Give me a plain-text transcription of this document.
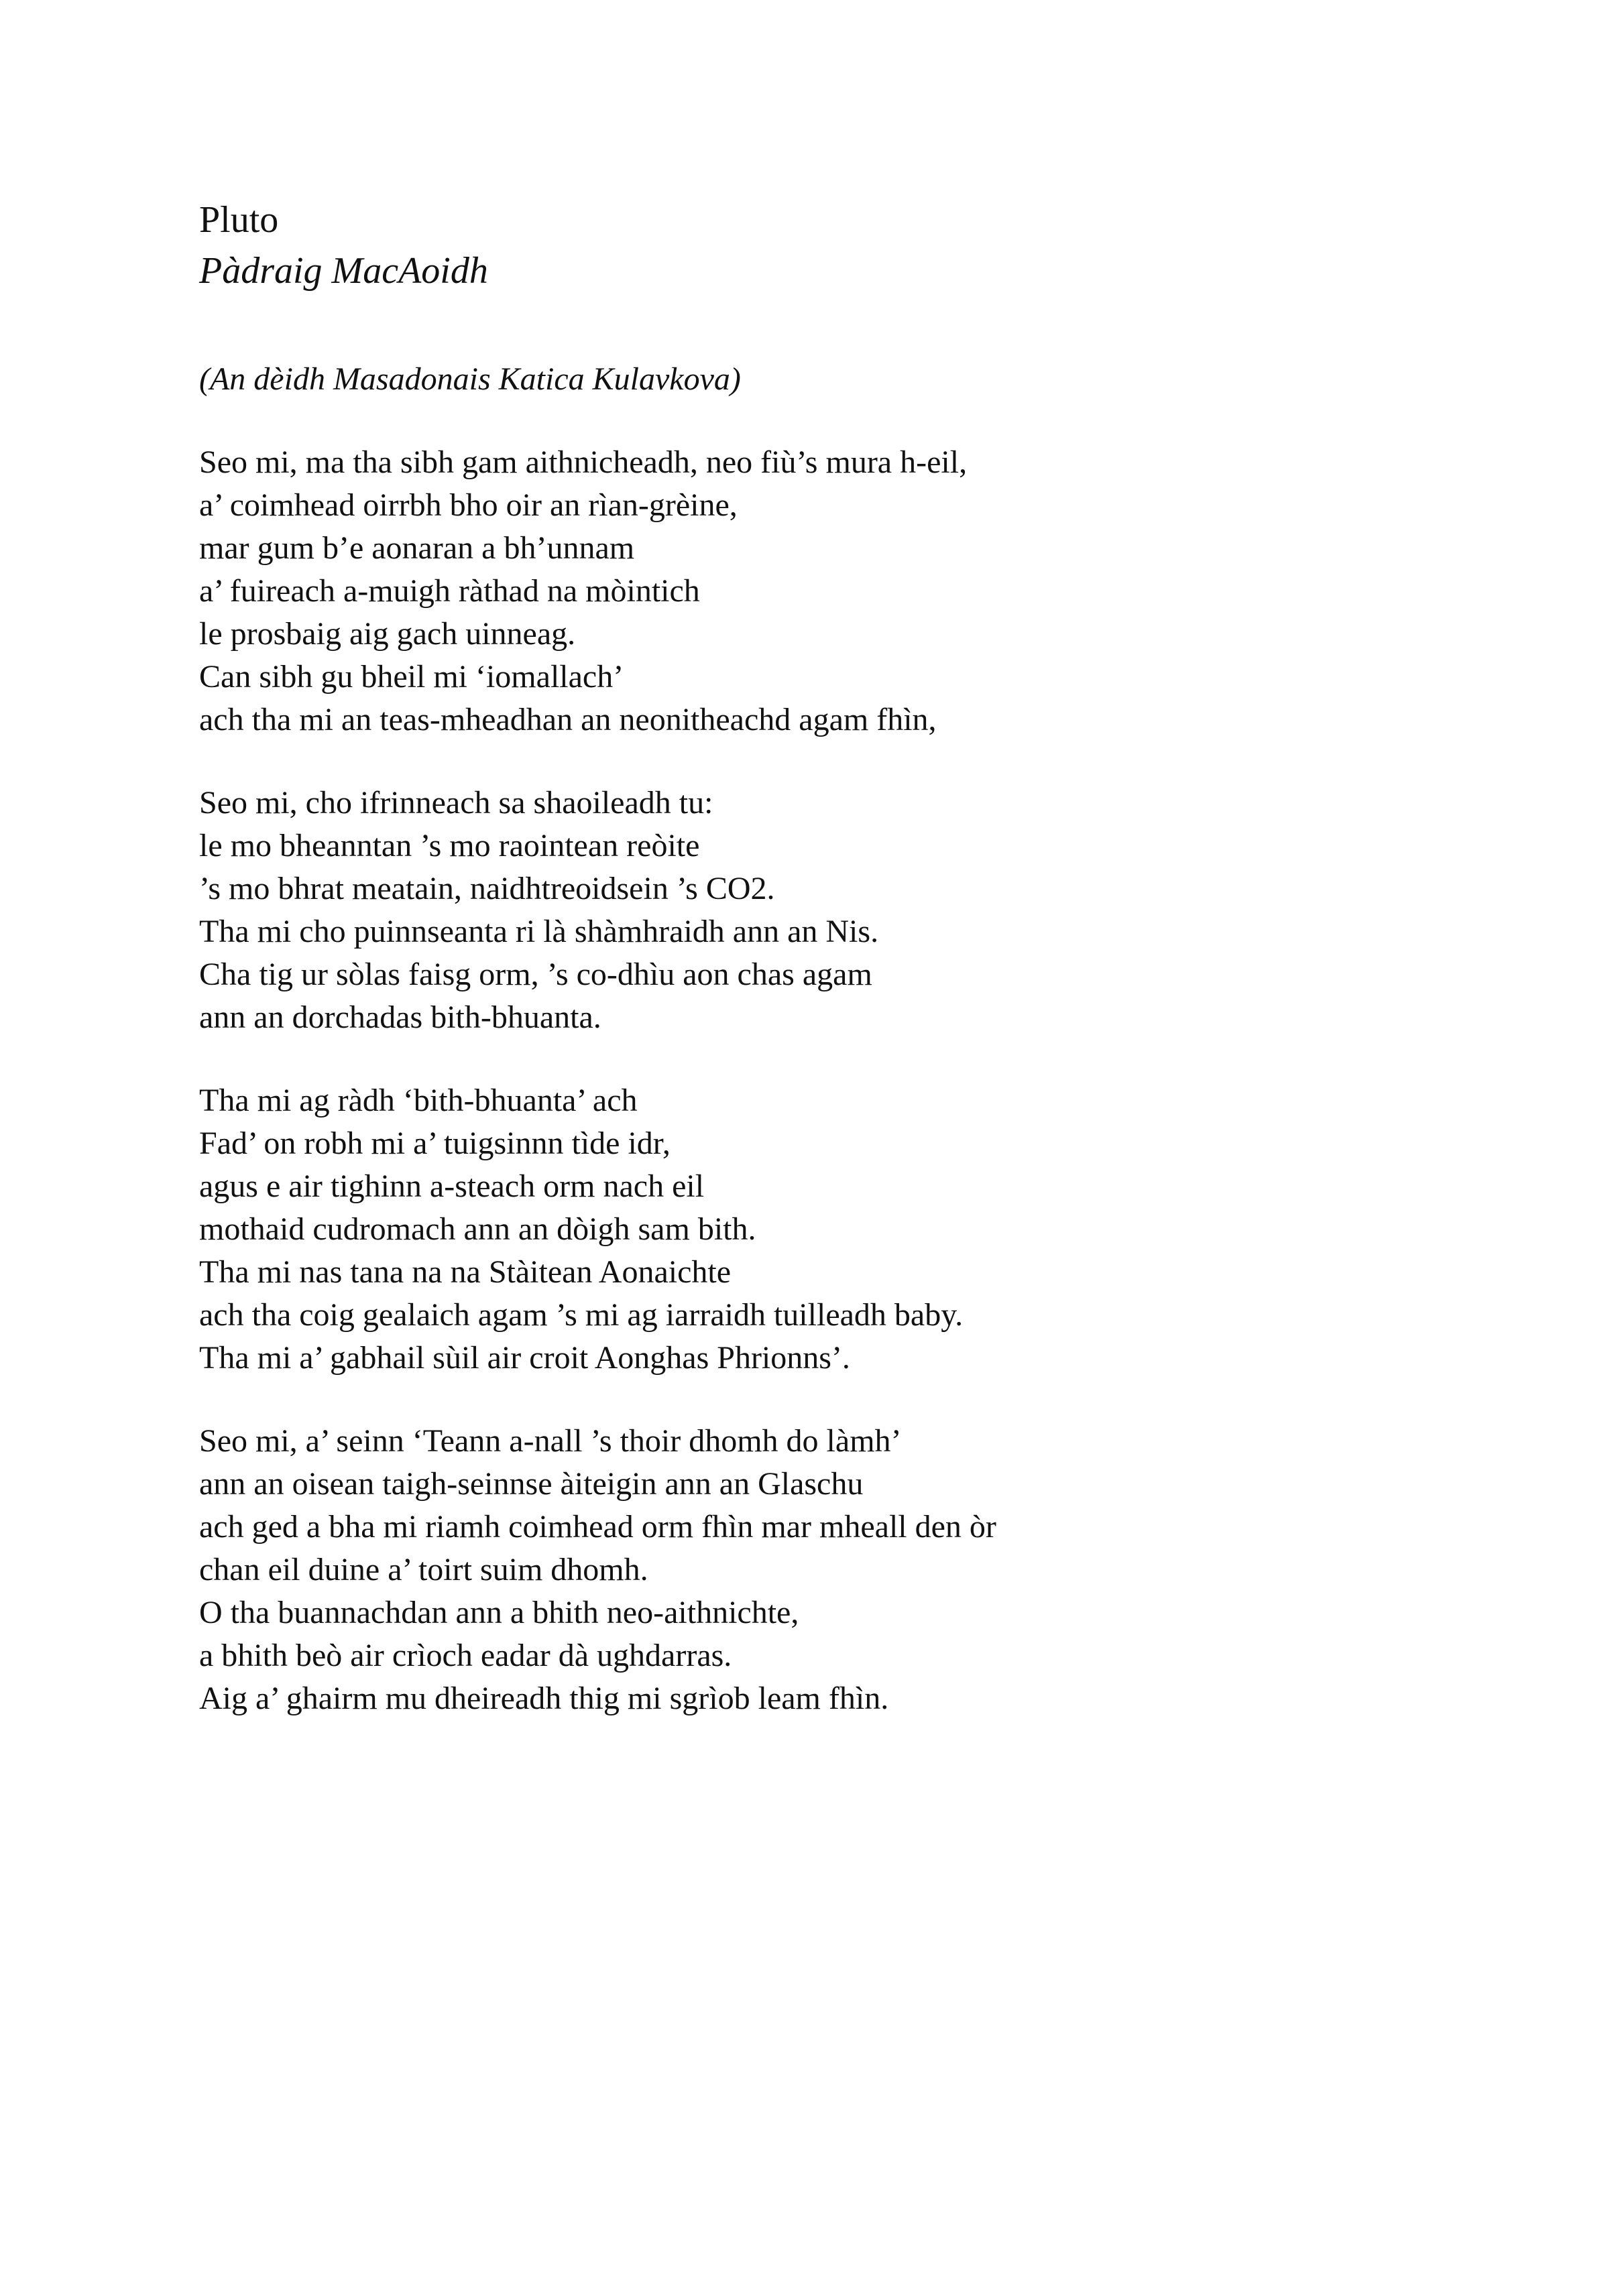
Pluto
Pàdraig MacAoidh

(An dèidh Masadonais Katica Kulavkova)

Seo mi, ma tha sibh gam aithnicheadh, neo fiù’s mura h-eil,
a’ coimhead oirrbh bho oir an rìan-grèine,
mar gum b’e aonaran a bh’unnam
a’ fuireach a-muigh ràthad na mòintich
le prosbaig aig gach uinneag.
Can sibh gu bheil mi ‘iomallach’
ach tha mi an teas-mheadhan an neonitheachd agam fhìn,
Seo mi, cho ifrinneach sa shaoileadh tu:
le mo bheanntan ’s mo raointean reòite
’s mo bhrat meatain, naidhtreoidsein ’s CO2.
Tha mi cho puinnseanta ri là shàmhraidh ann an Nis.
Cha tig ur sòlas faisg orm, ’s co-dhìu aon chas agam
ann an dorchadas bith-bhuanta.
Tha mi ag ràdh ‘bith-bhuanta’ ach
Fad’ on robh mi a’ tuigsinnn tìde idr,
agus e air tighinn a-steach orm nach eil
mothaid cudromach ann an dòigh sam bith.
Tha mi nas tana na na Stàitean Aonaichte
ach tha coig gealaich agam ’s mi ag iarraidh tuilleadh baby.
Tha mi a’ gabhail sùil air croit Aonghas Phrionns’.
Seo mi, a’ seinn ‘Teann a-nall ’s thoir dhomh do làmh’
ann an oisean taigh-seinnse àiteigin ann an Glaschu
ach ged a bha mi riamh coimhead orm fhìn mar mheall den òr
chan eil duine a’ toirt suim dhomh.
O tha buannachdan ann a bhith neo-aithnichte,
a bhith beò air crìoch eadar dà ughdarras.
Aig a’ ghairm mu dheireadh thig mi sgrìob leam fhìn.
